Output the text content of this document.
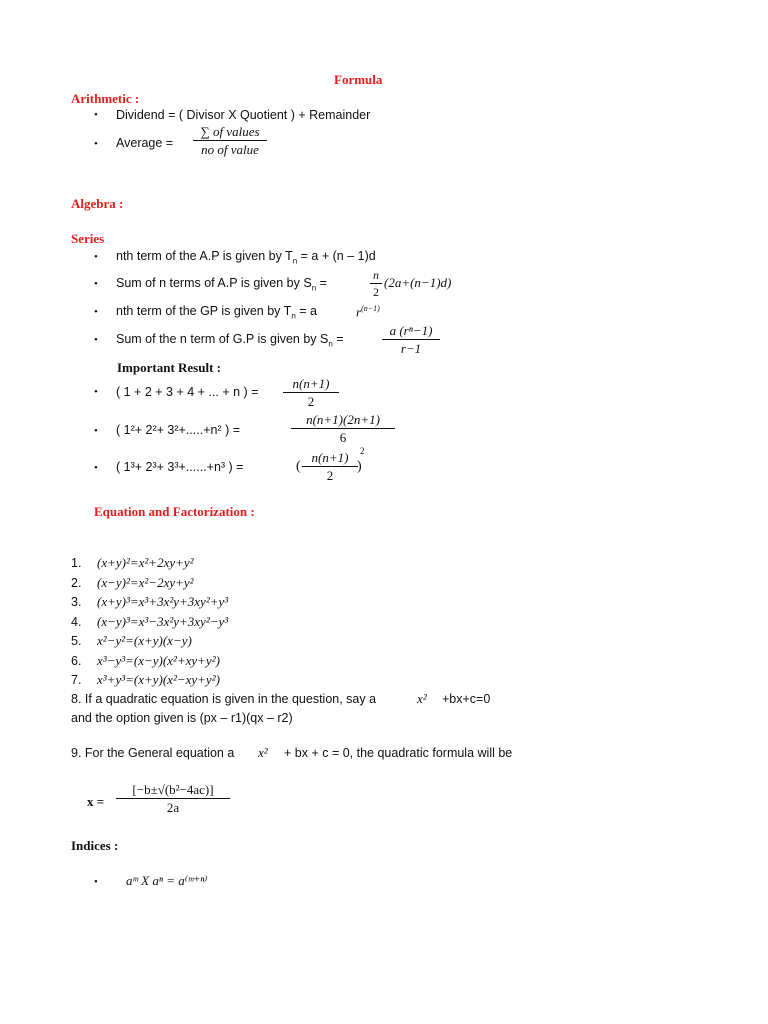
Formula
Arithmetic :
• Dividend = ( Divisor X Quotient ) + Remainder
• Average =
∑ of values
no of value
Algebra :
Series
• nth term of the A.P is given by $T_n = a + (n - 1)d$
• Sum of n terms of A.P is given by $S_n$ =
n
2
(2a+(n−1)d)
• nth term of the GP is given by $T_n = a$	$r^{(n-1)}$
• Sum of the n term of G.P is given by $S_n$ =
a (rⁿ−1)
r−1
Important Result :
• ( 1 + 2 + 3 + 4 + ... + n ) =
n(n+1)
2
• ( 1²+ 2²+ 3²+.....+n² ) =
n(n+1)(2n+1)
6
• ( 1³+ 2³+ 3³+......+n³ ) =	(
n(n+1)
2
)
2
Equation and Factorization :
1. (x+y)²=x²+2xy+y²
2. (x−y)²=x²−2xy+y²
3. (x+y)³=x³+3x²y+3xy²+y³
4. (x−y)³=x³−3x²y+3xy²−y³
5. x²−y²=(x+y)(x−y)
6. x³−y³=(x−y)(x²+xy+y²)
7. x³+y³=(x+y)(x²−xy+y²)
8. If a quadratic equation is given in the question, say a	x² +bx+c=0
and the option given is (px – r1)(qx – r2)
9. For the General equation a x² + bx + c = 0, the quadratic formula will be
x =
[−b±√(b²−4ac)]
2a
Indices :
• aᵐ X aⁿ = a⁽ᵐ⁺ⁿ⁾
